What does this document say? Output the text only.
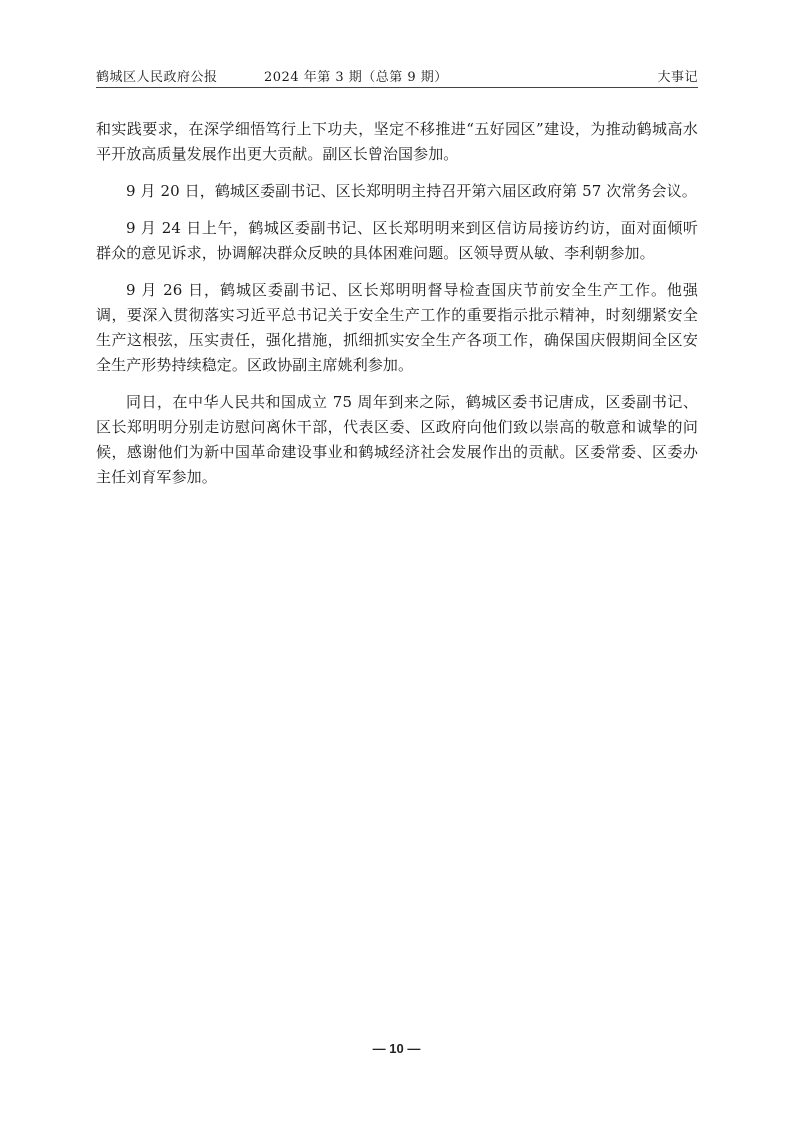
鹤城区人民政府公报	2024 年第 3 期（总第 9 期）	大事记

和实践要求，在深学细悟笃行上下功夫，坚定不移推进“五好园区”建设，为推动鹤城高水平开放高质量发展作出更大贡献。副区长曾治国参加。

9 月 20 日，鹤城区委副书记、区长郑明明主持召开第六届区政府第 57 次常务会议。

9 月 24 日上午，鹤城区委副书记、区长郑明明来到区信访局接访约访，面对面倾听群众的意见诉求，协调解决群众反映的具体困难问题。区领导贾从敏、李利朝参加。

9 月 26 日，鹤城区委副书记、区长郑明明督导检查国庆节前安全生产工作。他强调，要深入贯彻落实习近平总书记关于安全生产工作的重要指示批示精神，时刻绷紧安全生产这根弦，压实责任，强化措施，抓细抓实安全生产各项工作，确保国庆假期间全区安全生产形势持续稳定。区政协副主席姚利参加。

同日，在中华人民共和国成立 75 周年到来之际，鹤城区委书记唐成，区委副书记、区长郑明明分别走访慰问离休干部，代表区委、区政府向他们致以崇高的敬意和诚挚的问候，感谢他们为新中国革命建设事业和鹤城经济社会发展作出的贡献。区委常委、区委办主任刘育军参加。

— 10 —
